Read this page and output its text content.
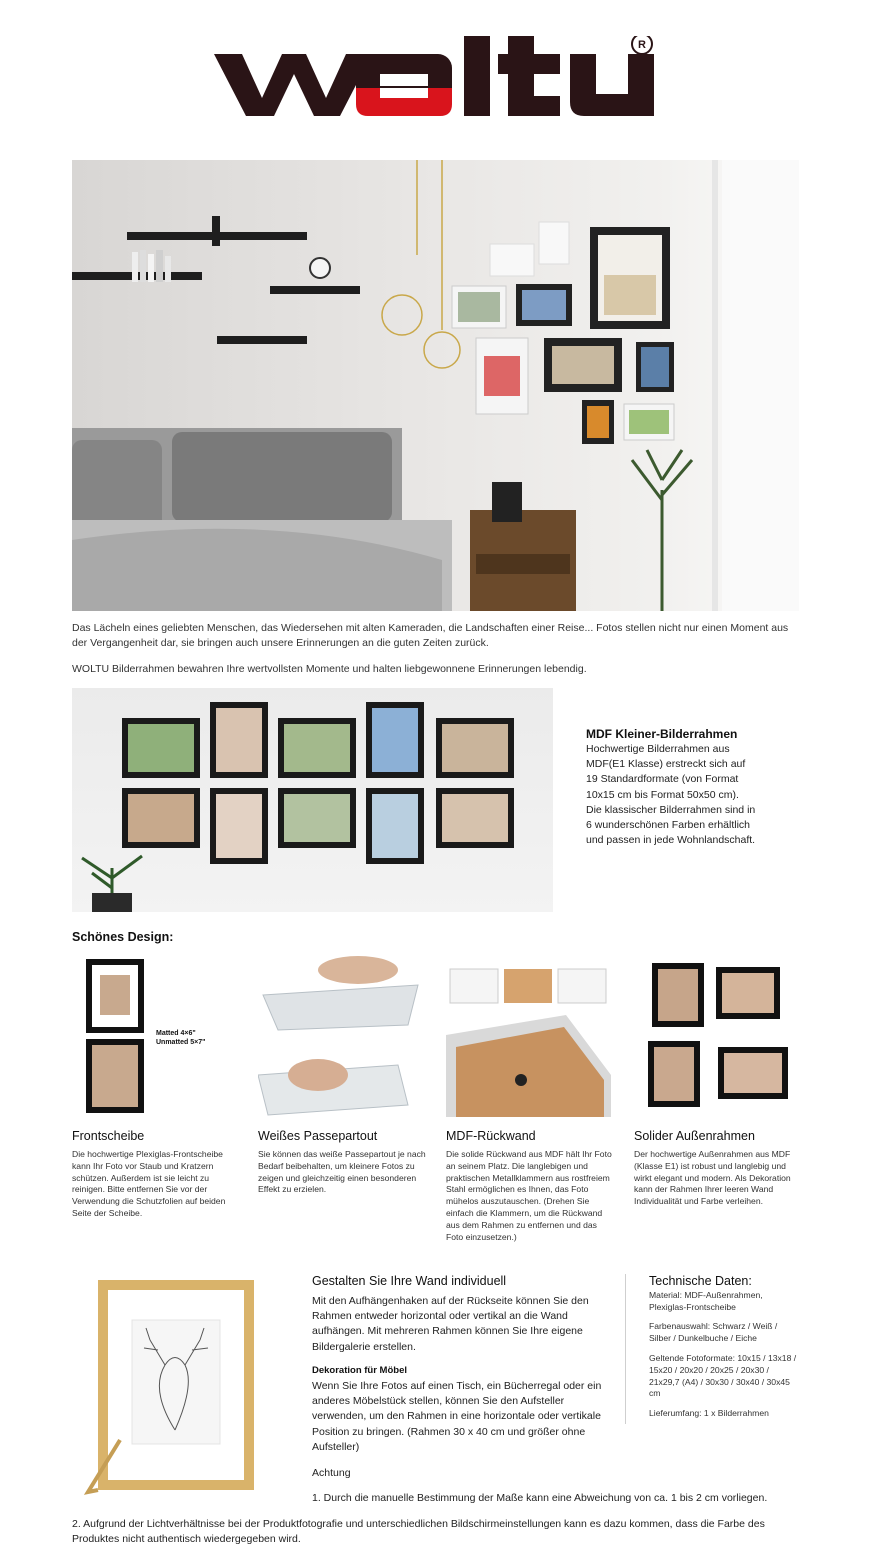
R
Das Lächeln eines geliebten Menschen, das Wiedersehen mit alten Kameraden, die Landschaften einer Reise... Fotos stellen nicht nur einen Moment aus der Vergangenheit dar, sie bringen auch unsere Erinnerungen an die guten Zeiten zurück.
WOLTU Bilderrahmen bewahren Ihre wertvollsten Momente und halten liebgewonnene Erinnerungen lebendig.
MDF Kleiner-Bilderrahmen
Hochwertige Bilderrahmen aus MDF(E1 Klasse) erstreckt sich auf 19 Standardformate (von Format 10x15 cm bis Format 50x50 cm). Die klassischer Bilderrahmen sind in 6 wunderschönen Farben erhältlich und passen in jede Wohnlandschaft.
Schönes Design:
Matted 4×6"
Unmatted 5×7"
Frontscheibe	Weißes Passepartout	MDF-Rückwand	Solider Außenrahmen
Die hochwertige Plexiglas-Frontscheibe kann Ihr Foto vor Staub und Kratzern schützen. Außerdem ist sie leicht zu reinigen. Bitte entfernen Sie vor der Verwendung die Schutzfolien auf beiden Seite der Scheibe.
Sie können das weiße Passepartout je nach Bedarf beibehalten, um kleinere Fotos zu zeigen und gleichzeitig einen besonderen Effekt zu erzielen.
Die solide Rückwand aus MDF hält Ihr Foto an seinem Platz. Die langlebigen und praktischen Metallklammern aus rostfreiem Stahl ermöglichen es Ihnen, das Foto mühelos auszutauschen. (Drehen Sie einfach die Klammern, um die Rückwand aus dem Rahmen zu entfernen und das Foto einzusetzen.)
Der hochwertige Außenrahmen aus MDF (Klasse E1) ist robust und langlebig und wirkt elegant und modern. Als Dekoration kann der Rahmen Ihrer leeren Wand Individualität und Farbe verleihen.
Gestalten Sie Ihre Wand individuell
Mit den Aufhängenhaken auf der Rückseite können Sie den Rahmen entweder horizontal oder vertikal an die Wand aufhängen. Mit mehreren Rahmen können Sie Ihre eigene Bildergalerie erstellen.
Dekoration für Möbel
Wenn Sie Ihre Fotos auf einen Tisch, ein Bücherregal oder ein anderes Möbelstück stellen, können Sie den Aufsteller verwenden, um den Rahmen in eine horizontale oder vertikale Position zu bringen. (Rahmen 30 x 40 cm und größer ohne Aufsteller)
Achtung
1. Durch die manuelle Bestimmung der Maße kann eine Abweichung von ca. 1 bis 2 cm vorliegen.
2. Aufgrund der Lichtverhältnisse bei der Produktfotografie und unterschiedlichen Bildschirmeinstellungen kann es dazu kommen, dass die Farbe des Produktes nicht authentisch wiedergegeben wird.
Technische Daten:
Material: MDF-Außenrahmen, Plexiglas-Frontscheibe
Farbenauswahl: Schwarz / Weiß / Silber / Dunkelbuche / Eiche
Geltende Fotoformate: 10x15 / 13x18 / 15x20 / 20x20 / 20x25 / 20x30 / 21x29,7 (A4) / 30x30 / 30x40 / 30x45 cm
Lieferumfang: 1 x Bilderrahmen
